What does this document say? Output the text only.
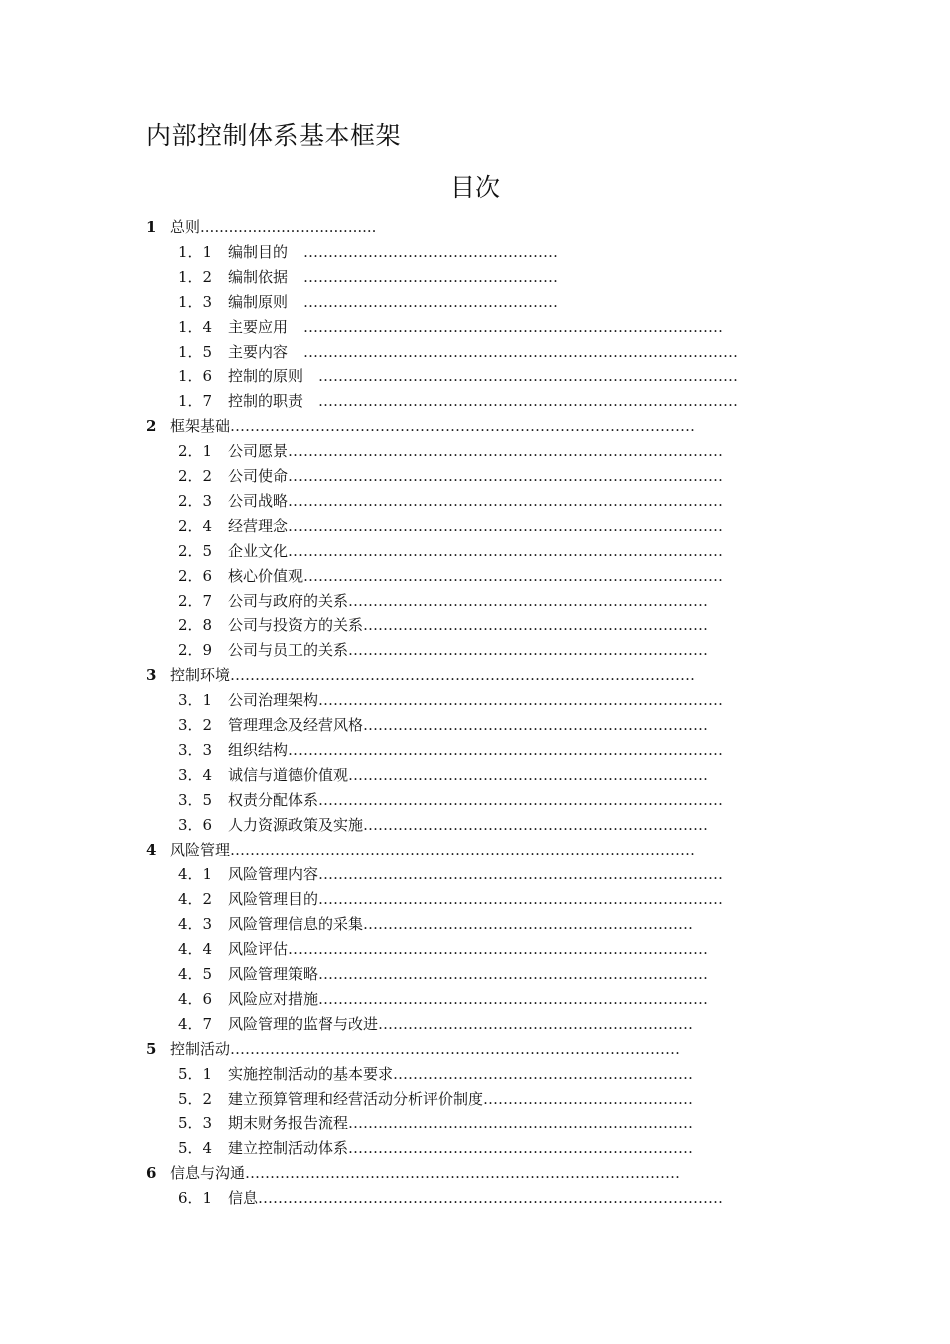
内部控制体系基本框架
目次
1 总则.....................................
1．1 编制目的　……………………………………………
1．2 编制依据　……………………………………………
1．3 编制原则　……………………………………………
1．4 主要应用　…………………………………………………………………………
1．5 主要内容　……………………………………………………………………………
1．6 控制的原则　…………………………………………………………………………
1．7 控制的职责　…………………………………………………………………………
2 框架基础…………………………………………………………………………………
2．1 公司愿景……………………………………………………………………………
2．2 公司使命……………………………………………………………………………
2．3 公司战略……………………………………………………………………………
2．4 经营理念……………………………………………………………………………
2．5 企业文化……………………………………………………………………………
2．6 核心价值观…………………………………………………………………………
2．7 公司与政府的关系………………………………………………………………
2．8 公司与投资方的关系……………………………………………………………
2．9 公司与员工的关系………………………………………………………………
3 控制环境…………………………………………………………………………………
3．1 公司治理架构………………………………………………………………………
3．2 管理理念及经营风格……………………………………………………………
3．3 组织结构……………………………………………………………………………
3．4 诚信与道德价值观………………………………………………………………
3．5 权责分配体系………………………………………………………………………
3．6 人力资源政策及实施……………………………………………………………
4 风险管理…………………………………………………………………………………
4．1 风险管理内容………………………………………………………………………
4．2 风险管理目的………………………………………………………………………
4．3 风险管理信息的采集…………………………………………………………
4．4 风险评估…………………………………………………………………………
4．5 风险管理策略……………………………………………………………………
4．6 风险应对措施……………………………………………………………………
4．7 风险管理的监督与改进………………………………………………………
5 控制活动………………………………………………………………………………
5．1 实施控制活动的基本要求……………………………………………………
5．2 建立预算管理和经营活动分析评价制度……………………………………
5．3 期末财务报告流程……………………………………………………………
5．4 建立控制活动体系……………………………………………………………
6 信息与沟通……………………………………………………………………………
6．1 信息…………………………………………………………………………………
